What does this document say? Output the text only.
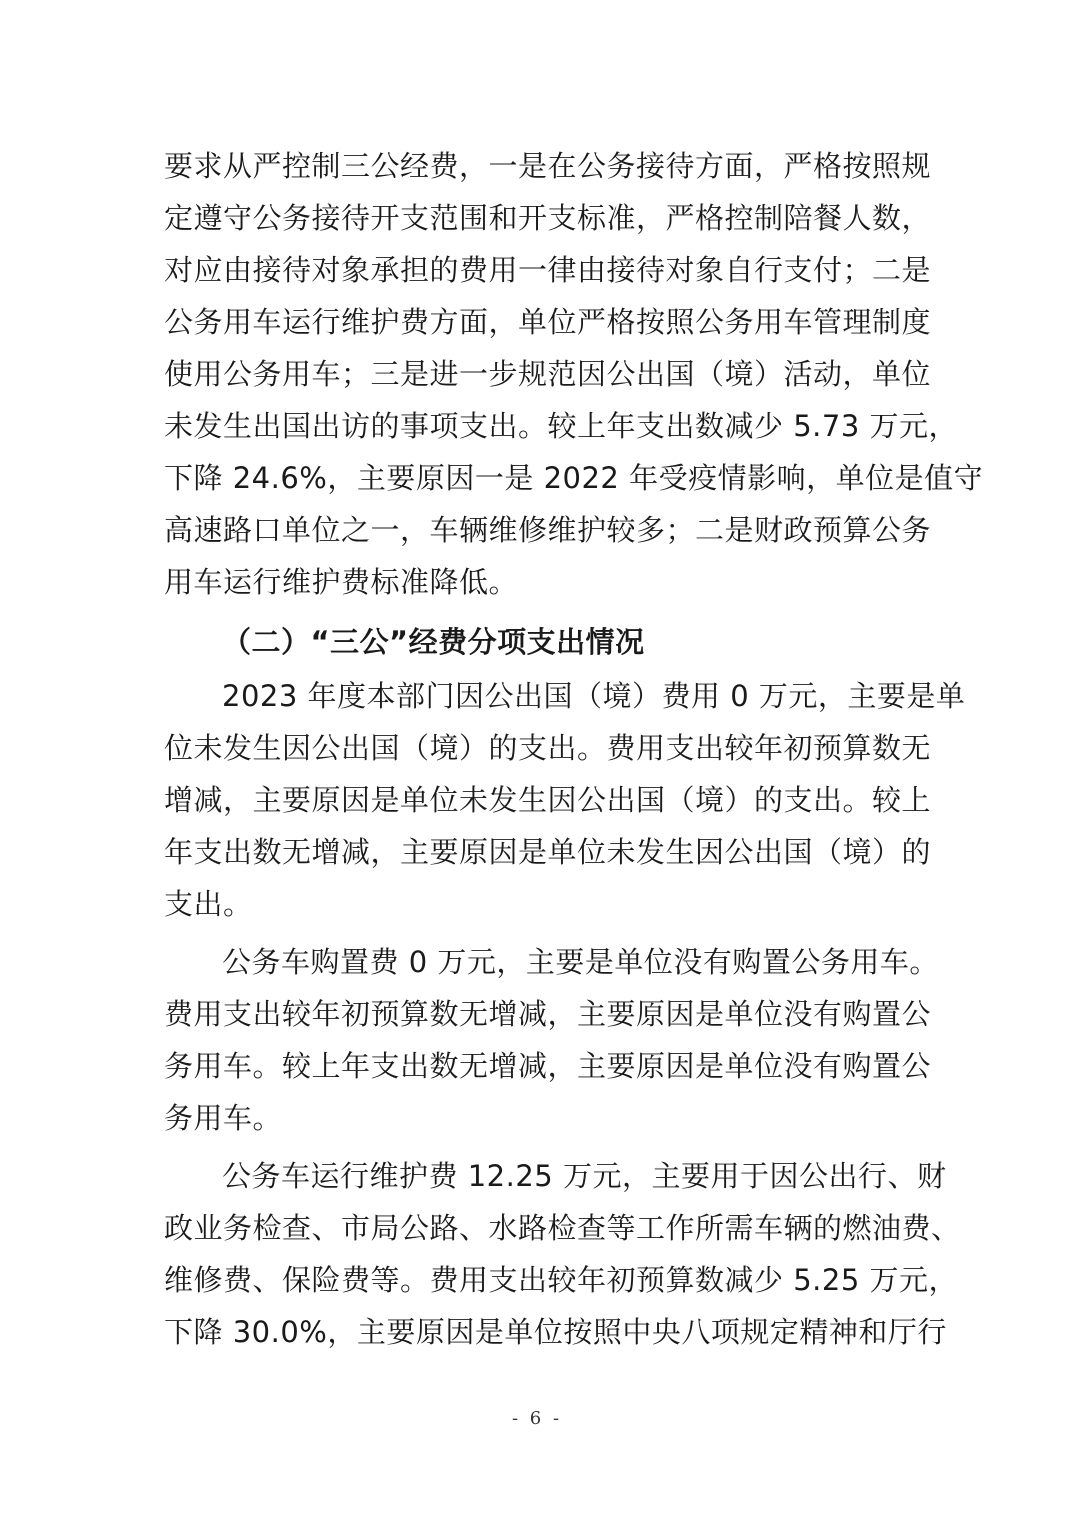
要求从严控制三公经费，一是在公务接待方面，严格按照规
定遵守公务接待开支范围和开支标准，严格控制陪餐人数，
对应由接待对象承担的费用一律由接待对象自行支付；二是
公务用车运行维护费方面，单位严格按照公务用车管理制度
使用公务用车；三是进一步规范因公出国（境）活动，单位
未发生出国出访的事项支出。较上年支出数减少 5.73 万元，
下降 24.6%，主要原因一是 2022 年受疫情影响，单位是值守
高速路口单位之一，车辆维修维护较多；二是财政预算公务
用车运行维护费标准降低。
（二）“三公”经费分项支出情况
2023 年度本部门因公出国（境）费用 0 万元，主要是单
位未发生因公出国（境）的支出。费用支出较年初预算数无
增减，主要原因是单位未发生因公出国（境）的支出。较上
年支出数无增减，主要原因是单位未发生因公出国（境）的
支出。
公务车购置费 0 万元，主要是单位没有购置公务用车。
费用支出较年初预算数无增减，主要原因是单位没有购置公
务用车。较上年支出数无增减，主要原因是单位没有购置公
务用车。
公务车运行维护费 12.25 万元，主要用于因公出行、财
政业务检查、市局公路、水路检查等工作所需车辆的燃油费、
维修费、保险费等。费用支出较年初预算数减少 5.25 万元，
下降 30.0%，主要原因是单位按照中央八项规定精神和厅行
- 6 -
